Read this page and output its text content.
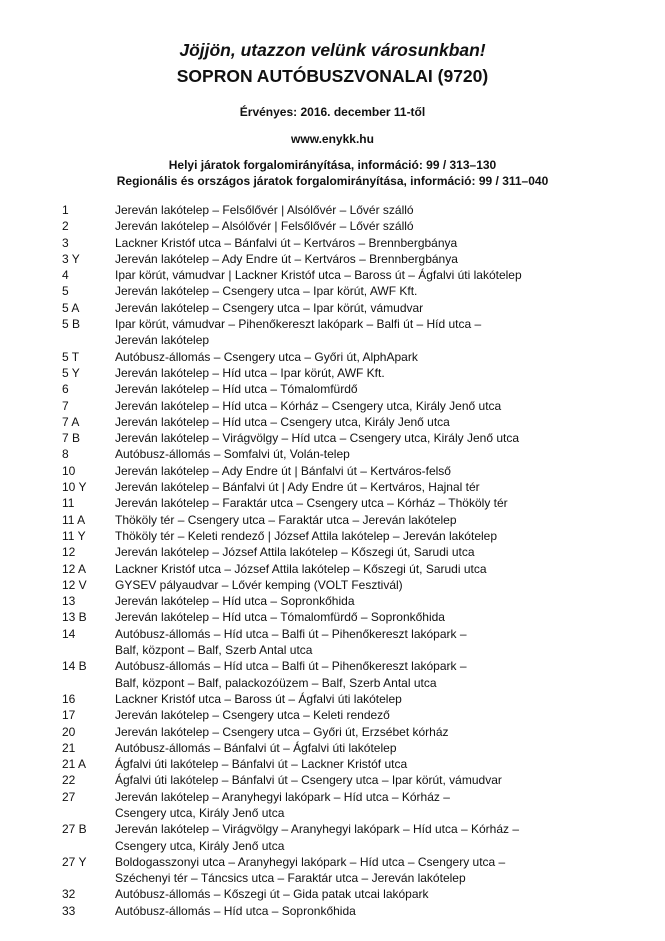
Jöjjön, utazzon velünk városunkban!
SOPRON AUTÓBUSZVONALAI (9720)
Érvényes: 2016. december 11-től
www.enykk.hu
Helyi járatok forgalomirányítása, információ: 99 / 313–130
Regionális és országos járatok forgalomirányítása, információ: 99 / 311–040
1	Jereván lakótelep – Felsőlővér | Alsólővér – Lővér szálló
2	Jereván lakótelep – Alsólővér | Felsőlővér – Lővér szálló
3	Lackner Kristóf utca – Bánfalvi út – Kertváros – Brennbergbánya
3 Y	Jereván lakótelep – Ady Endre út – Kertváros – Brennbergbánya
4	Ipar körút, vámudvar | Lackner Kristóf utca – Baross út – Ágfalvi úti lakótelep
5	Jereván lakótelep – Csengery utca – Ipar körút, AWF Kft.
5 A	Jereván lakótelep – Csengery utca – Ipar körút, vámudvar
5 B	Ipar körút, vámudvar – Pihenőkereszt lakópark – Balfi út – Híd utca –
Jereván lakótelep
5 T	Autóbusz-állomás – Csengery utca – Győri út, AlphApark
5 Y	Jereván lakótelep – Híd utca – Ipar körút, AWF Kft.
6	Jereván lakótelep – Híd utca – Tómalomfürdő
7	Jereván lakótelep – Híd utca – Kórház – Csengery utca, Király Jenő utca
7 A	Jereván lakótelep – Híd utca – Csengery utca, Király Jenő utca
7 B	Jereván lakótelep – Virágvölgy – Híd utca – Csengery utca, Király Jenő utca
8	Autóbusz-állomás – Somfalvi út, Volán-telep
10	Jereván lakótelep – Ady Endre út | Bánfalvi út – Kertváros-felső
10 Y	Jereván lakótelep – Bánfalvi út | Ady Endre út – Kertváros, Hajnal tér
11	Jereván lakótelep – Faraktár utca – Csengery utca – Kórház – Thököly tér
11 A	Thököly tér – Csengery utca – Faraktár utca – Jereván lakótelep
11 Y	Thököly tér – Keleti rendező | József Attila lakótelep – Jereván lakótelep
12	Jereván lakótelep – József Attila lakótelep – Kőszegi út, Sarudi utca
12 A	Lackner Kristóf utca – József Attila lakótelep – Kőszegi út, Sarudi utca
12 V	GYSEV pályaudvar – Lővér kemping (VOLT Fesztivál)
13	Jereván lakótelep – Híd utca – Sopronkőhida
13 B	Jereván lakótelep – Híd utca – Tómalomfürdő – Sopronkőhida
14	Autóbusz-állomás – Híd utca – Balfi út – Pihenőkereszt lakópark –
Balf, központ – Balf, Szerb Antal utca
14 B	Autóbusz-állomás – Híd utca – Balfi út – Pihenőkereszt lakópark –
Balf, központ – Balf, palackozóüzem – Balf, Szerb Antal utca
16	Lackner Kristóf utca – Baross út – Ágfalvi úti lakótelep
17	Jereván lakótelep – Csengery utca – Keleti rendező
20	Jereván lakótelep – Csengery utca – Győri út, Erzsébet kórház
21	Autóbusz-állomás – Bánfalvi út – Ágfalvi úti lakótelep
21 A	Ágfalvi úti lakótelep – Bánfalvi út – Lackner Kristóf utca
22	Ágfalvi úti lakótelep – Bánfalvi út – Csengery utca – Ipar körút, vámudvar
27	Jereván lakótelep – Aranyhegyi lakópark – Híd utca – Kórház –
Csengery utca, Király Jenő utca
27 B	Jereván lakótelep – Virágvölgy – Aranyhegyi lakópark – Híd utca – Kórház –
Csengery utca, Király Jenő utca
27 Y	Boldogasszonyi utca – Aranyhegyi lakópark – Híd utca – Csengery utca –
Széchenyi tér – Táncsics utca – Faraktár utca – Jereván lakótelep
32	Autóbusz-állomás – Kőszegi út – Gida patak utcai lakópark
33	Autóbusz-állomás – Híd utca – Sopronkőhida
